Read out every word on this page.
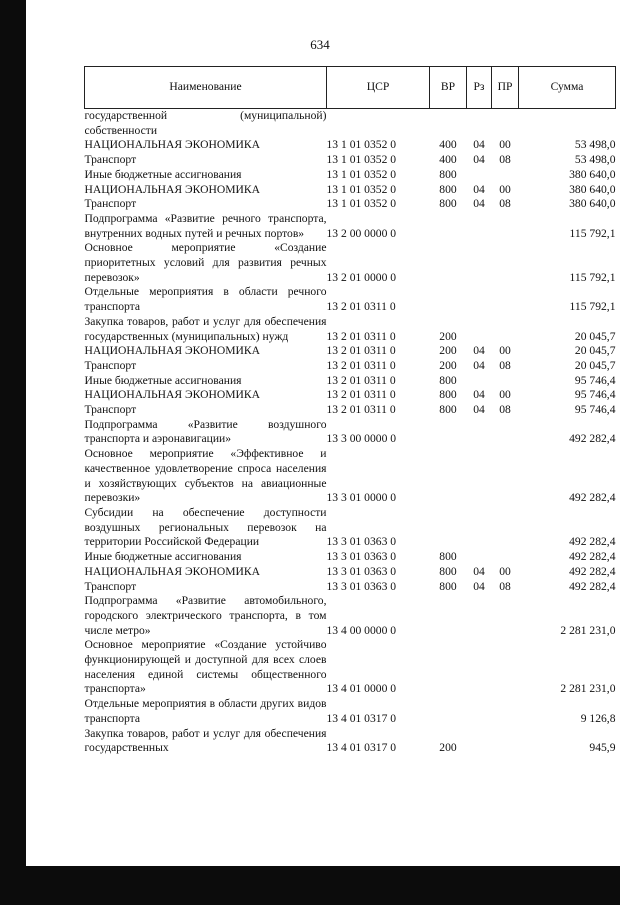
634
Наименование	ЦСР	ВР	Рз	ПР	Сумма
государственной (муниципальной) собственности					
НАЦИОНАЛЬНАЯ ЭКОНОМИКА	13 1 01 0352 0	400	04	00	53 498,0
Транспорт	13 1 01 0352 0	400	04	08	53 498,0
Иные бюджетные ассигнования	13 1 01 0352 0	800			380 640,0
НАЦИОНАЛЬНАЯ ЭКОНОМИКА	13 1 01 0352 0	800	04	00	380 640,0
Транспорт	13 1 01 0352 0	800	04	08	380 640,0
Подпрограмма «Развитие речного транспорта, внутренних водных путей и речных портов»	13 2 00 0000 0				115 792,1
Основное мероприятие «Создание приоритетных условий для развития речных перевозок»	13 2 01 0000 0				115 792,1
Отдельные мероприятия в области речного транспорта	13 2 01 0311 0				115 792,1
Закупка товаров, работ и услуг для обеспечения государственных (муниципальных) нужд	13 2 01 0311 0	200			20 045,7
НАЦИОНАЛЬНАЯ ЭКОНОМИКА	13 2 01 0311 0	200	04	00	20 045,7
Транспорт	13 2 01 0311 0	200	04	08	20 045,7
Иные бюджетные ассигнования	13 2 01 0311 0	800			95 746,4
НАЦИОНАЛЬНАЯ ЭКОНОМИКА	13 2 01 0311 0	800	04	00	95 746,4
Транспорт	13 2 01 0311 0	800	04	08	95 746,4
Подпрограмма «Развитие воздушного транспорта и аэронавигации»	13 3 00 0000 0				492 282,4
Основное мероприятие «Эффективное и качественное удовлетворение спроса населения и хозяйствующих субъектов на авиационные перевозки»	13 3 01 0000 0				492 282,4
Субсидии на обеспечение доступности воздушных региональных перевозок на территории Российской Федерации	13 3 01 0363 0				492 282,4
Иные бюджетные ассигнования	13 3 01 0363 0	800			492 282,4
НАЦИОНАЛЬНАЯ ЭКОНОМИКА	13 3 01 0363 0	800	04	00	492 282,4
Транспорт	13 3 01 0363 0	800	04	08	492 282,4
Подпрограмма «Развитие автомобильного, городского электрического транспорта, в том числе метро»	13 4 00 0000 0				2 281 231,0
Основное мероприятие «Создание устойчиво функционирующей и доступной для всех слоев населения единой системы общественного транспорта»	13 4 01 0000 0				2 281 231,0
Отдельные мероприятия в области других видов транспорта	13 4 01 0317 0				9 126,8
Закупка товаров, работ и услуг для обеспечения государственных	13 4 01 0317 0	200			945,9
